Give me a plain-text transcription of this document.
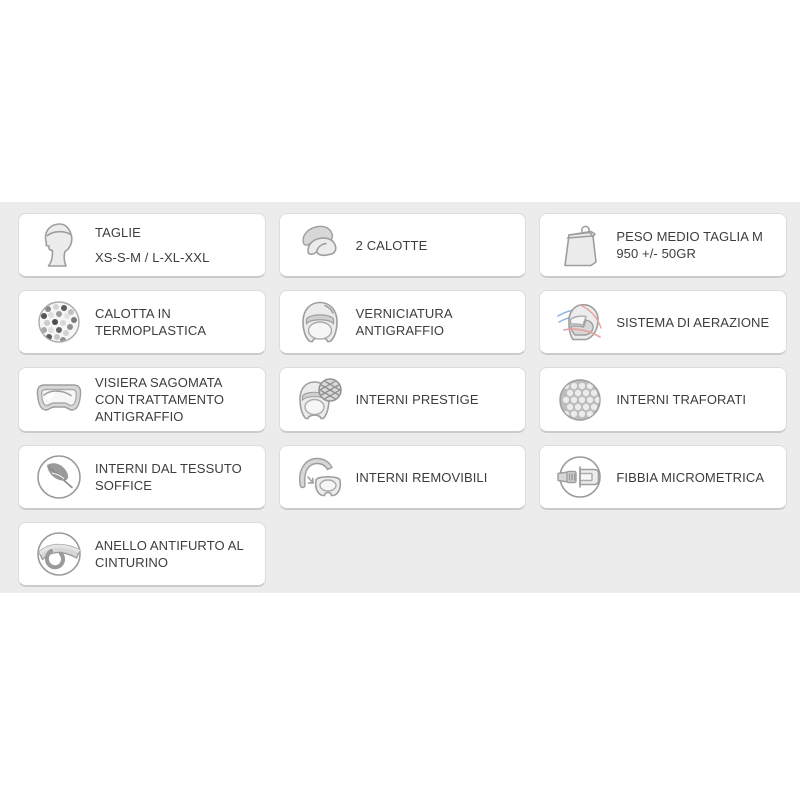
TAGLIE
XS-S-M / L-XL-XXL
2 CALOTTE
PESO MEDIO TAGLIA M 950 +/- 50GR
CALOTTA IN TERMOPLASTICA
VERNICIATURA ANTIGRAFFIO
SISTEMA DI AERAZIONE
VISIERA SAGOMATA CON TRATTAMENTO ANTIGRAFFIO
INTERNI PRESTIGE	INTERNI TRAFORATI
INTERNI DAL TESSUTO SOFFICE
INTERNI REMOVIBILI	FIBBIA MICROMETRICA
ANELLO ANTIFURTO AL CINTURINO
